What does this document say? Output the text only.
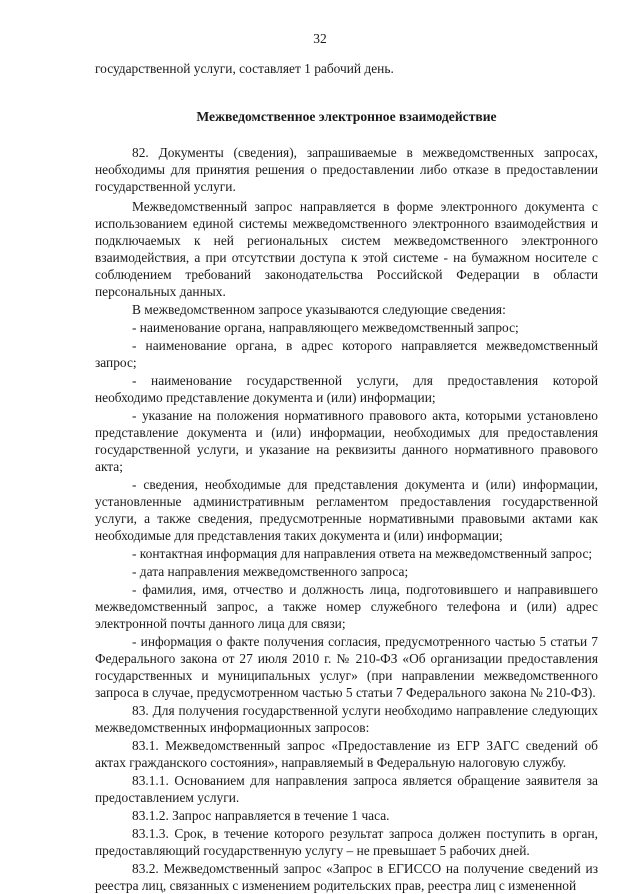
32

государственной услуги, составляет 1 рабочий день.

Межведомственное электронное взаимодействие

82. Документы (сведения), запрашиваемые в межведомственных запросах, необходимы для принятия решения о предоставлении либо отказе в предоставлении государственной услуги.

Межведомственный запрос направляется в форме электронного документа с использованием единой системы межведомственного электронного взаимодействия и подключаемых к ней региональных систем межведомственного электронного взаимодействия, а при отсутствии доступа к этой системе - на бумажном носителе с соблюдением требований законодательства Российской Федерации в области персональных данных.

В межведомственном запросе указываются следующие сведения:

- наименование органа, направляющего межведомственный запрос;

- наименование органа, в адрес которого направляется межведомственный запрос;

- наименование государственной услуги, для предоставления которой необходимо представление документа и (или) информации;

- указание на положения нормативного правового акта, которыми установлено представление документа и (или) информации, необходимых для предоставления государственной услуги, и указание на реквизиты данного нормативного правового акта;

- сведения, необходимые для представления документа и (или) информации, установленные административным регламентом предоставления государственной услуги, а также сведения, предусмотренные нормативными правовыми актами как необходимые для представления таких документа и (или) информации;

- контактная информация для направления ответа на межведомственный запрос;

- дата направления межведомственного запроса;

- фамилия, имя, отчество и должность лица, подготовившего и направившего межведомственный запрос, а также номер служебного телефона и (или) адрес электронной почты данного лица для связи;

- информация о факте получения согласия, предусмотренного частью 5 статьи 7 Федерального закона от 27 июля 2010 г. № 210-ФЗ «Об организации предоставления государственных и муниципальных услуг» (при направлении межведомственного запроса в случае, предусмотренном частью 5 статьи 7 Федерального закона № 210-ФЗ).

83. Для получения государственной услуги необходимо направление следующих межведомственных информационных запросов:

83.1. Межведомственный запрос «Предоставление из ЕГР ЗАГС сведений об актах гражданского состояния», направляемый в Федеральную налоговую службу.

83.1.1. Основанием для направления запроса является обращение заявителя за предоставлением услуги.

83.1.2. Запрос направляется в течение 1 часа.

83.1.3. Срок, в течение которого результат запроса должен поступить в орган, предоставляющий государственную услугу – не превышает 5 рабочих дней.

83.2. Межведомственный запрос «Запрос в ЕГИССО на получение сведений из реестра лиц, связанных с изменением родительских прав, реестра лиц с измененной
